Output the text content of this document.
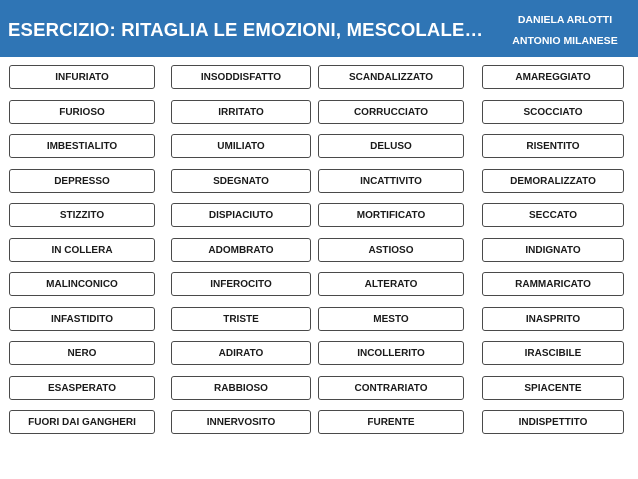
ESERCIZIO: RITAGLIA LE EMOZIONI, MESCOLALE…	DANIELA ARLOTTI
ANTONIO MILANESE
INFURIATO	INSODDISFATTO	SCANDALIZZATO	AMAREGGIATO
FURIOSO	IRRITATO	CORRUCCIATO	SCOCCIATO
IMBESTIALITO	UMILIATO	DELUSO	RISENTITO
DEPRESSO	SDEGNATO	INCATTIVITO	DEMORALIZZATO
STIZZITO	DISPIACIUTO	MORTIFICATO	SECCATO
IN COLLERA	ADOMBRATO	ASTIOSO	INDIGNATO
MALINCONICO	INFEROCITO	ALTERATO	RAMMARICATO
INFASTIDITO	TRISTE	MESTO	INASPRITO
NERO	ADIRATO	INCOLLERITO	IRASCIBILE
ESASPERATO	RABBIOSO	CONTRARIATO	SPIACENTE
FUORI DAI GANGHERI	INNERVOSITO	FURENTE	INDISPETTITO
